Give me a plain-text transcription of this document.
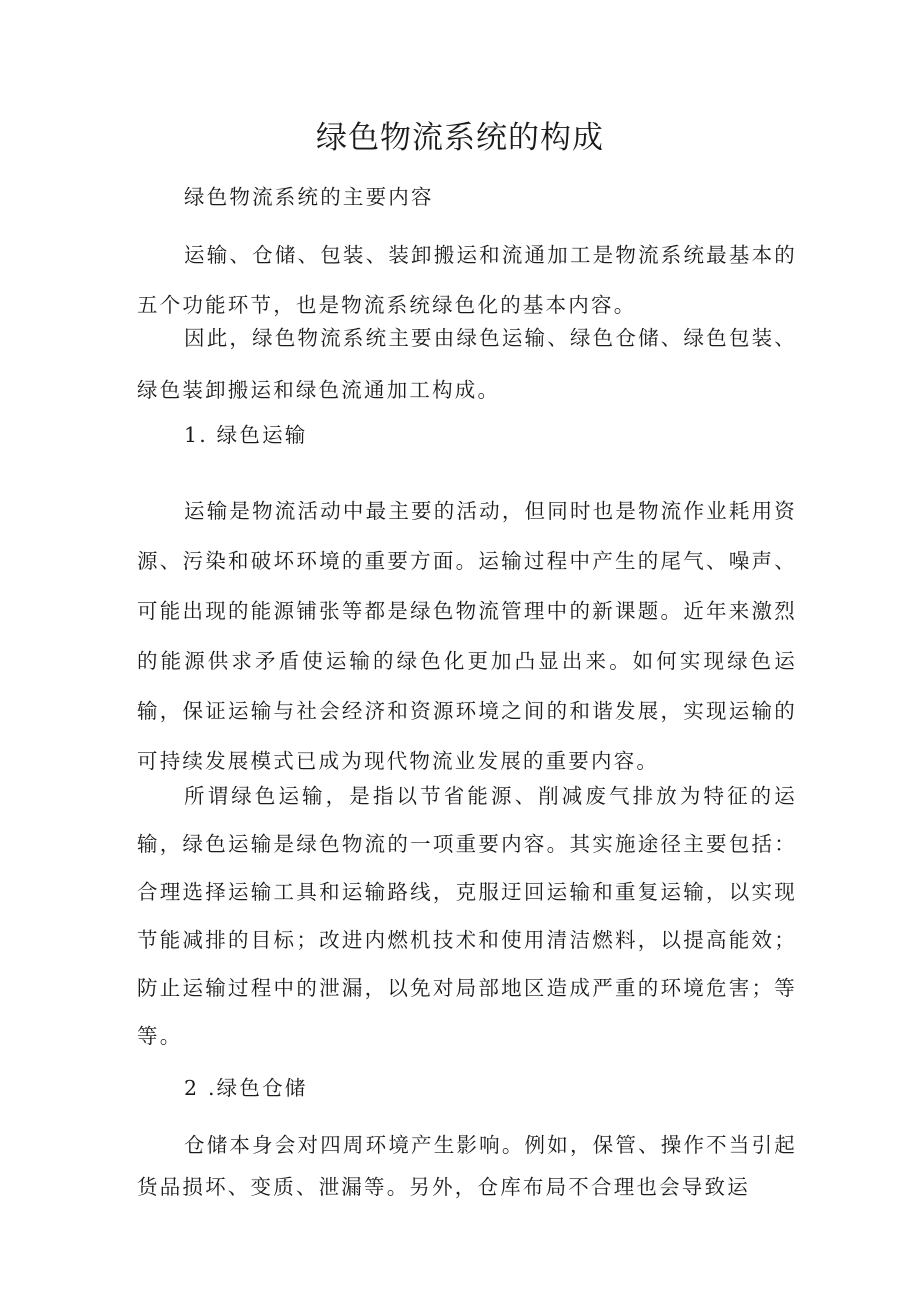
绿色物流系统的构成

绿色物流系统的主要内容

运输、仓储、包装、装卸搬运和流通加工是物流系统最基本的五个功能环节，也是物流系统绿色化的基本内容。

因此，绿色物流系统主要由绿色运输、绿色仓储、绿色包装、绿色装卸搬运和绿色流通加工构成。

1. 绿色运输

运输是物流活动中最主要的活动，但同时也是物流作业耗用资源、污染和破坏环境的重要方面。运输过程中产生的尾气、噪声、可能出现的能源铺张等都是绿色物流管理中的新课题。近年来激烈的能源供求矛盾使运输的绿色化更加凸显出来。如何实现绿色运输，保证运输与社会经济和资源环境之间的和谐发展，实现运输的可持续发展模式已成为现代物流业发展的重要内容。

所谓绿色运输，是指以节省能源、削减废气排放为特征的运输，绿色运输是绿色物流的一项重要内容。其实施途径主要包括：合理选择运输工具和运输路线，克服迂回运输和重复运输，以实现节能减排的目标；改进内燃机技术和使用清洁燃料，以提高能效；防止运输过程中的泄漏，以免对局部地区造成严重的环境危害；等等。

2 .绿色仓储

仓储本身会对四周环境产生影响。例如，保管、操作不当引起货品损坏、变质、泄漏等。另外，仓库布局不合理也会导致运
